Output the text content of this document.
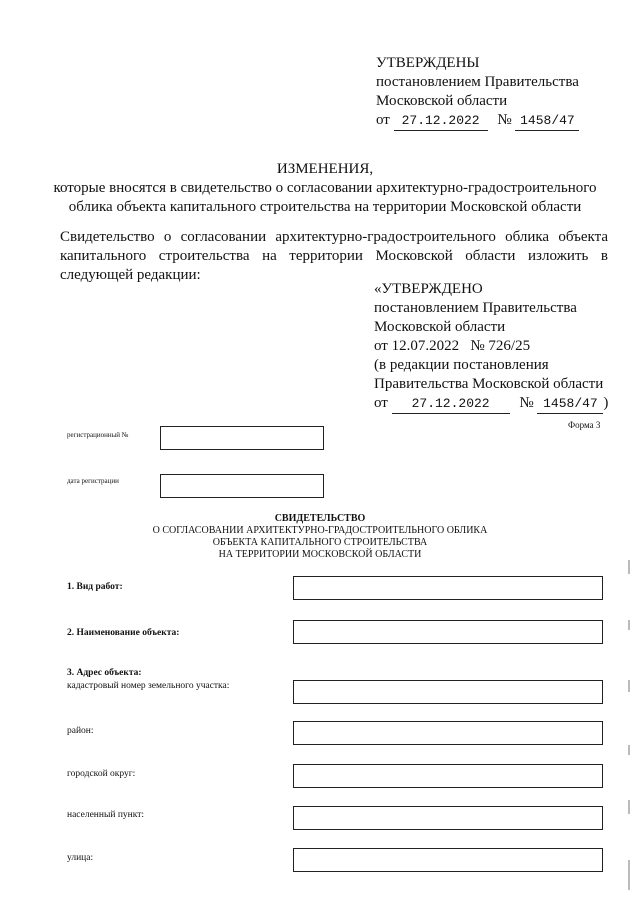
УТВЕРЖДЕНЫ
постановлением Правительства
Московской области
от 27.12.2022 № 1458/47
ИЗМЕНЕНИЯ,
которые вносятся в свидетельство о согласовании архитектурно-градостроительного
облика объекта капитального строительства на территории Московской области
Свидетельство о согласовании архитектурно-градостроительного облика объекта
капитального строительства на территории Московской области изложить в
следующей редакции:
«УТВЕРЖДЕНО
постановлением Правительства
Московской области
от 12.07.2022   № 726/25
(в редакции постановления
Правительства Московской области
от 27.12.2022 № 1458/47 )
Форма 3
регистрационный №
дата регистрации
СВИДЕТЕЛЬСТВО
О СОГЛАСОВАНИИ АРХИТЕКТУРНО-ГРАДОСТРОИТЕЛЬНОГО ОБЛИКА
ОБЪЕКТА КАПИТАЛЬНОГО СТРОИТЕЛЬСТВА
НА ТЕРРИТОРИИ МОСКОВСКОЙ ОБЛАСТИ
1. Вид работ:
2. Наименование объекта:
3. Адрес объекта:
кадастровый номер земельного участка:
район:
городской округ:
населенный пункт:
улица:
